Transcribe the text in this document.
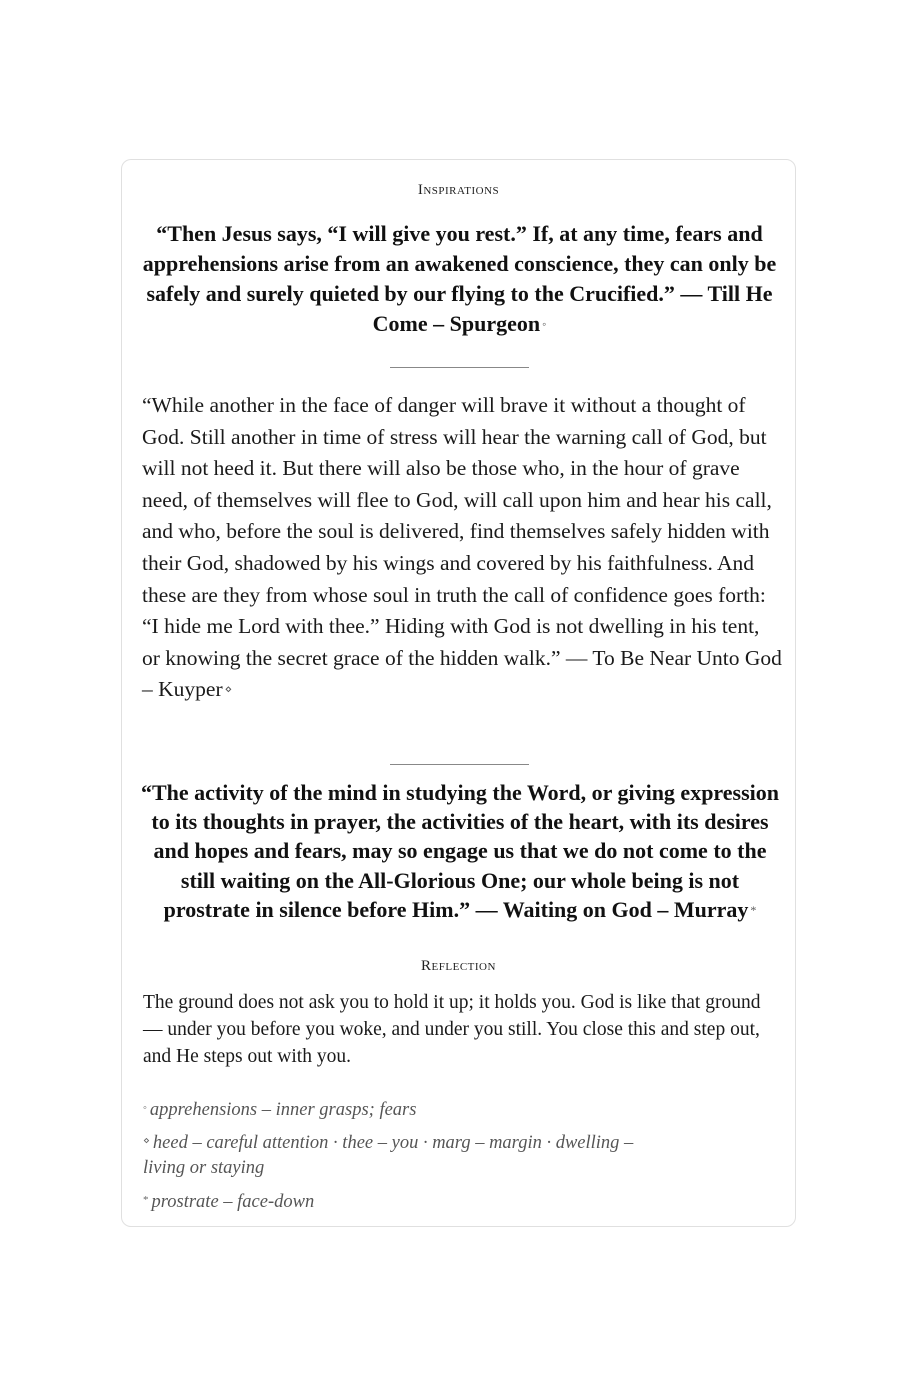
Inspirations
“Then Jesus says, “I will give you rest.” If, at any time, fears and apprehensions arise from an awakened conscience, they can only be safely and surely quieted by our flying to the Crucified.” — Till He Come – Spurgeon ◦
“While another in the face of danger will brave it without a thought of God. Still another in time of stress will hear the warning call of God, but will not heed it. But there will also be those who, in the hour of grave need, of themselves will flee to God, will call upon him and hear his call, and who, before the soul is delivered, find themselves safely hidden with their God, shadowed by his wings and covered by his faithfulness. And these are they from whose soul in truth the call of confidence goes forth: “I hide me Lord with thee.” Hiding with God is not dwelling in his tent, or knowing the secret grace of the hidden walk.” — To Be Near Unto God – Kuyper ⋄
“The activity of the mind in studying the Word, or giving expression to its thoughts in prayer, the activities of the heart, with its desires and hopes and fears, may so engage us that we do not come to the still waiting on the All-Glorious One; our whole being is not prostrate in silence before Him.” — Waiting on God – Murray *
Reflection
The ground does not ask you to hold it up; it holds you. God is like that ground — under you before you woke, and under you still. You close this and step out, and He steps out with you.
◦ apprehensions – inner grasps; fears
⋄ heed – careful attention · thee – you · marg – margin · dwelling – living or staying
* prostrate – face-down
